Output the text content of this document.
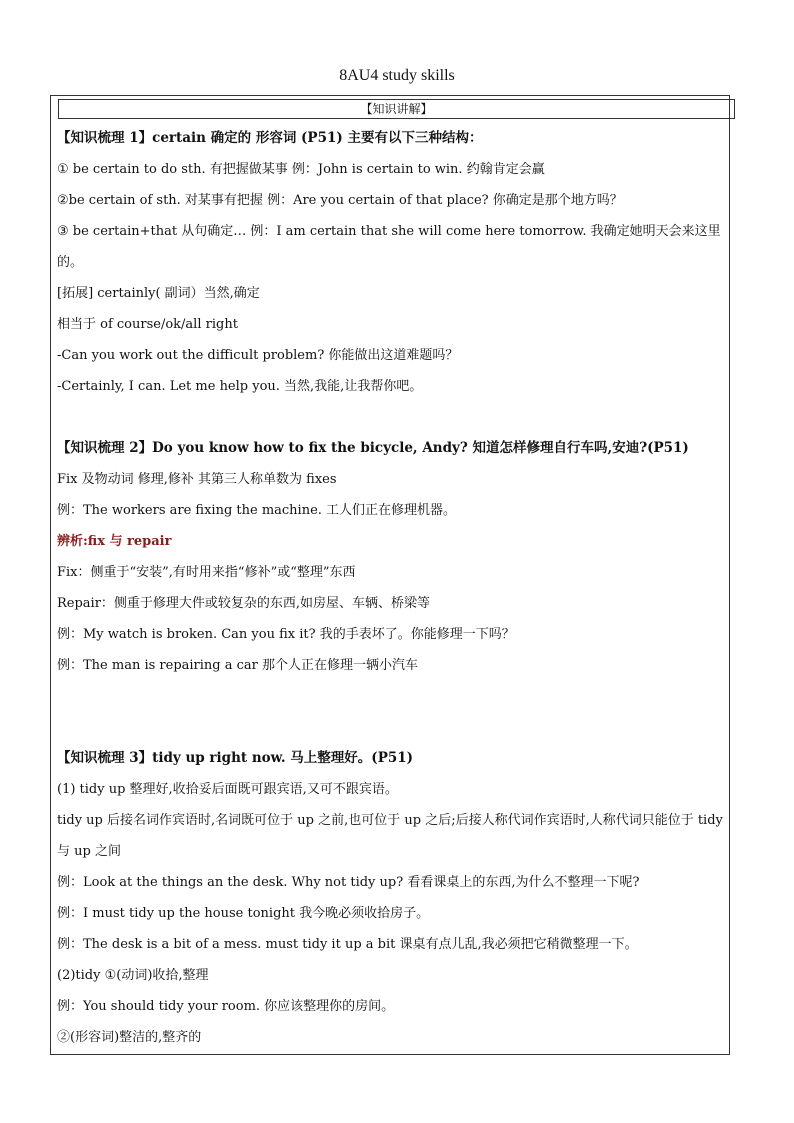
8AU4 study skills
【知识讲解】
【知识梳理 1】certain 确定的 形容词 (P51) 主要有以下三种结构：
① be certain to do sth. 有把握做某事 例：John is certain to win. 约翰肯定会赢
②be certain of sth. 对某事有把握 例：Are you certain of that place? 你确定是那个地方吗？
③ be certain+that 从句确定… 例：I am certain that she will come here tomorrow. 我确定她明天会来这里的。
[拓展] certainly( 副词）当然,确定
相当于 of course/ok/all right
-Can you work out the difficult problem? 你能做出这道难题吗？
-Certainly, I can. Let me help you. 当然,我能,让我帮你吧。
【知识梳理 2】Do you know how to fix the bicycle, Andy? 知道怎样修理自行车吗,安迪?(P51)
Fix 及物动词 修理,修补 其第三人称单数为 fixes
例：The workers are fixing the machine. 工人们正在修理机器。
辨析:fix 与 repair
Fix：侧重于“安装”,有时用来指“修补”或“整理”东西
Repair：侧重于修理大件或较复杂的东西,如房屋、车辆、桥梁等
例：My watch is broken. Can you fix it? 我的手表坏了。你能修理一下吗？
例：The man is repairing a car 那个人正在修理一辆小汽车
【知识梳理 3】tidy up right now. 马上整理好。(P51)
(1) tidy up 整理好,收拾妥后面既可跟宾语,又可不跟宾语。
tidy up 后接名词作宾语时,名词既可位于 up 之前,也可位于 up 之后;后接人称代词作宾语时,人称代词只能位于 tidy 与 up 之间
例：Look at the things an the desk. Why not tidy up? 看看课桌上的东西,为什么不整理一下呢?
例：I must tidy up the house tonight 我今晚必须收拾房子。
例：The desk is a bit of a mess. must tidy it up a bit 课桌有点儿乱,我必须把它稍微整理一下。
(2)tidy ①(动词)收拾,整理
例：You should tidy your room. 你应该整理你的房间。
②(形容词)整洁的,整齐的
